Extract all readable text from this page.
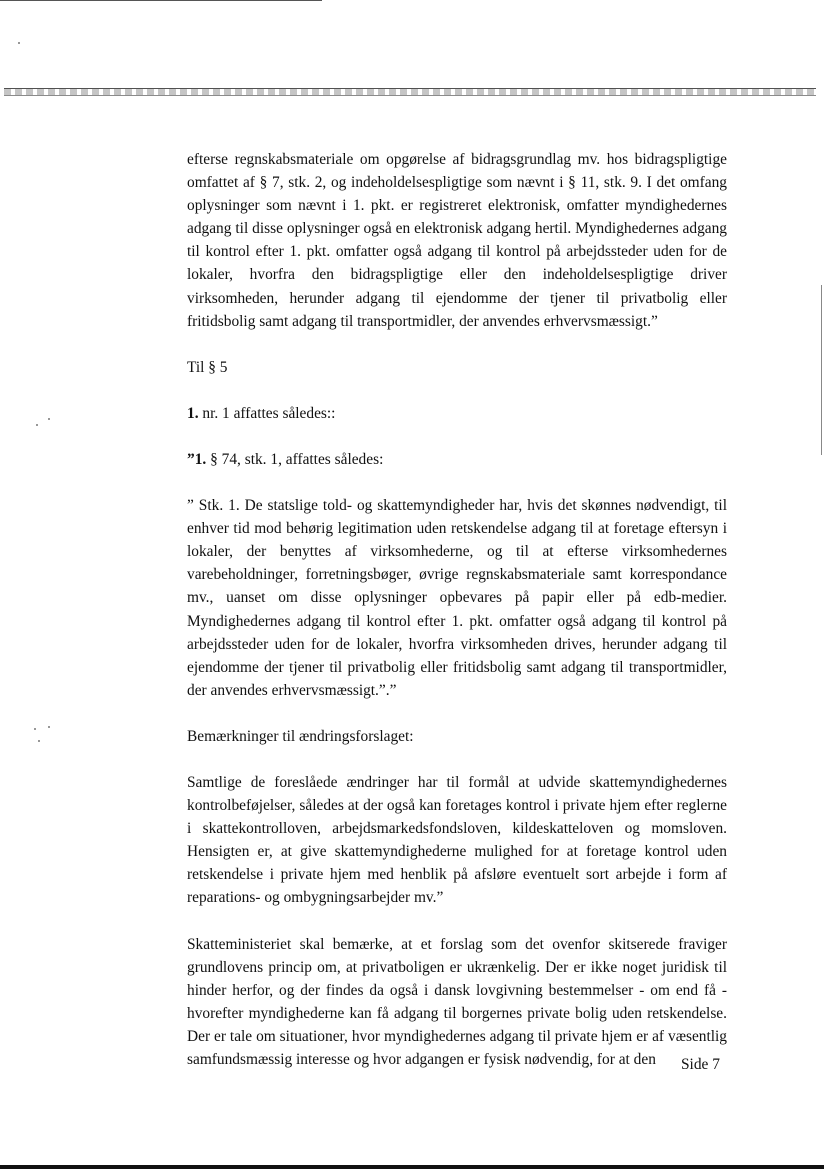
efterse regnskabsmateriale om opgørelse af bidragsgrundlag mv. hos bidragspligtige omfattet af § 7, stk. 2, og indeholdelsespligtige som nævnt i § 11, stk. 9. I det omfang oplysninger som nævnt i 1. pkt. er registreret elektronisk, omfatter myndighedernes adgang til disse oplysninger også en elektronisk adgang hertil. Myndighedernes adgang til kontrol efter 1. pkt. omfatter også adgang til kontrol på arbejdssteder uden for de lokaler, hvorfra den bidragspligtige eller den indeholdelsespligtige driver virksomheden, herunder adgang til ejendomme der tjener til privatbolig eller fritidsbolig samt adgang til transportmidler, der anvendes erhvervsmæssigt.”

Til § 5

1. nr. 1 affattes således::

”1. § 74, stk. 1, affattes således:

” Stk. 1. De statslige told- og skattemyndigheder har, hvis det skønnes nødvendigt, til enhver tid mod behørig legitimation uden retskendelse adgang til at foretage eftersyn i lokaler, der benyttes af virksomhederne, og til at efterse virksomhedernes varebeholdninger, forretningsbøger, øvrige regnskabsmateriale samt korrespondance mv., uanset om disse oplysninger opbevares på papir eller på edb-medier. Myndighedernes adgang til kontrol efter 1. pkt. omfatter også adgang til kontrol på arbejdssteder uden for de lokaler, hvorfra virksomheden drives, herunder adgang til ejendomme der tjener til privatbolig eller fritidsbolig samt adgang til transportmidler, der anvendes erhvervsmæssigt.”.”

Bemærkninger til ændringsforslaget:

Samtlige de foreslåede ændringer har til formål at udvide skattemyndighedernes kontrolbeføjelser, således at der også kan foretages kontrol i private hjem efter reglerne i skattekontrolloven, arbejdsmarkedsfondsloven, kildeskatteloven og momsloven. Hensigten er, at give skattemyndighederne mulighed for at foretage kontrol uden retskendelse i private hjem med henblik på afsløre eventuelt sort arbejde i form af reparations- og ombygningsarbejder mv.”

Skatteministeriet skal bemærke, at et forslag som det ovenfor skitserede fraviger grundlovens princip om, at privatboligen er ukrænkelig. Der er ikke noget juridisk til hinder herfor, og der findes da også i dansk lovgivning bestemmelser - om end få - hvorefter myndighederne kan få adgang til borgernes private bolig uden retskendelse. Der er tale om situationer, hvor myndighedernes adgang til private hjem er af væsentlig samfundsmæssig interesse og hvor adgangen er fysisk nødvendig, for at den	Side 7
